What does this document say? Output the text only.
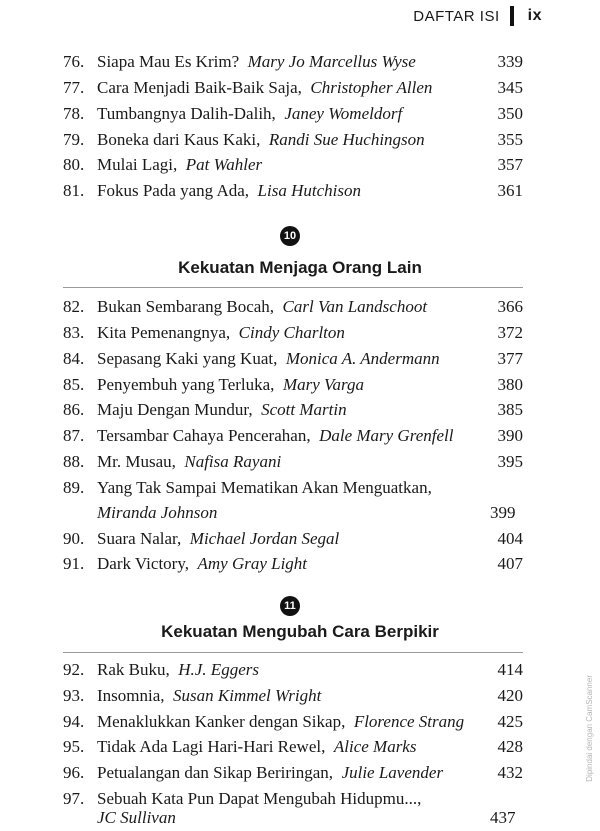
DAFTAR ISI ix
76. Siapa Mau Es Krim? Mary Jo Marcellus Wyse	339
77. Cara Menjadi Baik-Baik Saja, Christopher Allen	345
78. Tumbangnya Dalih-Dalih, Janey Womeldorf	350
79. Boneka dari Kaus Kaki, Randi Sue Huchingson	355
80. Mulai Lagi, Pat Wahler	357
81. Fokus Pada yang Ada, Lisa Hutchison	361
10
Kekuatan Menjaga Orang Lain
82. Bukan Sembarang Bocah, Carl Van Landschoot	366
83. Kita Pemenangnya, Cindy Charlton	372
84. Sepasang Kaki yang Kuat, Monica A. Andermann	377
85. Penyembuh yang Terluka, Mary Varga	380
86. Maju Dengan Mundur, Scott Martin	385
87. Tersambar Cahaya Pencerahan, Dale Mary Grenfell	390
88. Mr. Musau, Nafisa Rayani	395
89. Yang Tak Sampai Mematikan Akan Menguatkan,
Miranda Johnson	399
90. Suara Nalar, Michael Jordan Segal	404
91. Dark Victory, Amy Gray Light	407
11
Kekuatan Mengubah Cara Berpikir
92. Rak Buku, H.J. Eggers	414
93. Insomnia, Susan Kimmel Wright	420
94. Menaklukkan Kanker dengan Sikap, Florence Strang 425
95. Tidak Ada Lagi Hari-Hari Rewel, Alice Marks	428
96. Petualangan dan Sikap Beriringan, Julie Lavender	432
97. Sebuah Kata Pun Dapat Mengubah Hidupmu...,
JC Sullivan	437
Dipindai dengan CamScanner
